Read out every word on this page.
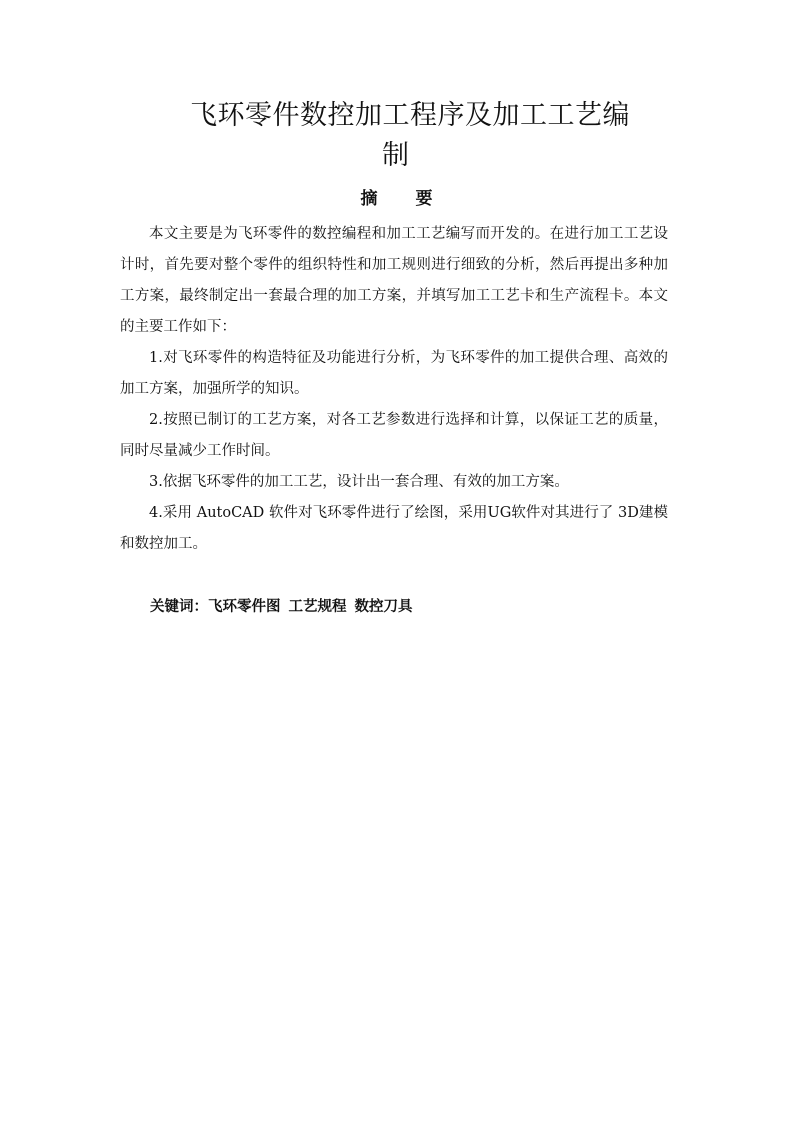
飞环零件数控加工程序及加工工艺编
制
摘 要

本文主要是为飞环零件的数控编程和加工工艺编写而开发的。在进行加工工艺设计时，首先要对整个零件的组织特性和加工规则进行细致的分析，然后再提出多种加工方案，最终制定出一套最合理的加工方案，并填写加工工艺卡和生产流程卡。本文的主要工作如下：

1.对飞环零件的构造特征及功能进行分析，为飞环零件的加工提供合理、高效的加工方案，加强所学的知识。

2.按照已制订的工艺方案，对各工艺参数进行选择和计算，以保证工艺的质量，同时尽量减少工作时间。

3.依据飞环零件的加工工艺，设计出一套合理、有效的加工方案。

4.采用 AutoCAD 软件对飞环零件进行了绘图，采用UG软件对其进行了 3D建模和数控加工。

关键词：飞环零件图 工艺规程 数控刀具
